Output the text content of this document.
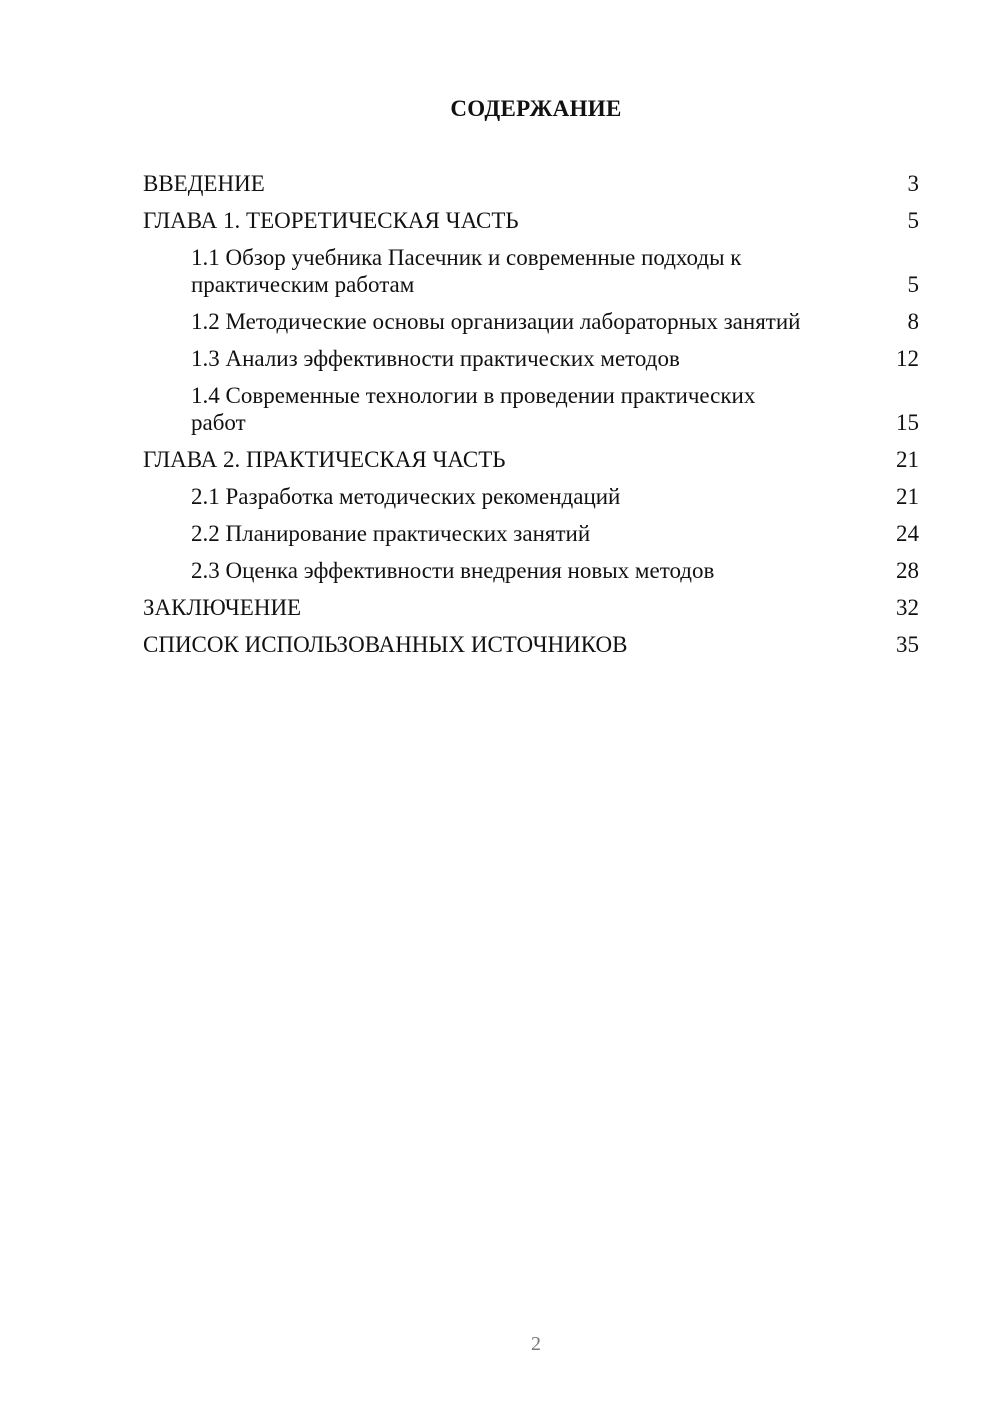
СОДЕРЖАНИЕ
ВВЕДЕНИЕ	3
ГЛАВА 1. ТЕОРЕТИЧЕСКАЯ ЧАСТЬ	5
1.1 Обзор учебника Пасечник и современные подходы к практическим работам	5
1.2 Методические основы организации лабораторных занятий	8
1.3 Анализ эффективности практических методов	12
1.4 Современные технологии в проведении практических работ	15
ГЛАВА 2. ПРАКТИЧЕСКАЯ ЧАСТЬ	21
2.1 Разработка методических рекомендаций	21
2.2 Планирование практических занятий	24
2.3 Оценка эффективности внедрения новых методов	28
ЗАКЛЮЧЕНИЕ	32
СПИСОК ИСПОЛЬЗОВАННЫХ ИСТОЧНИКОВ	35
2
